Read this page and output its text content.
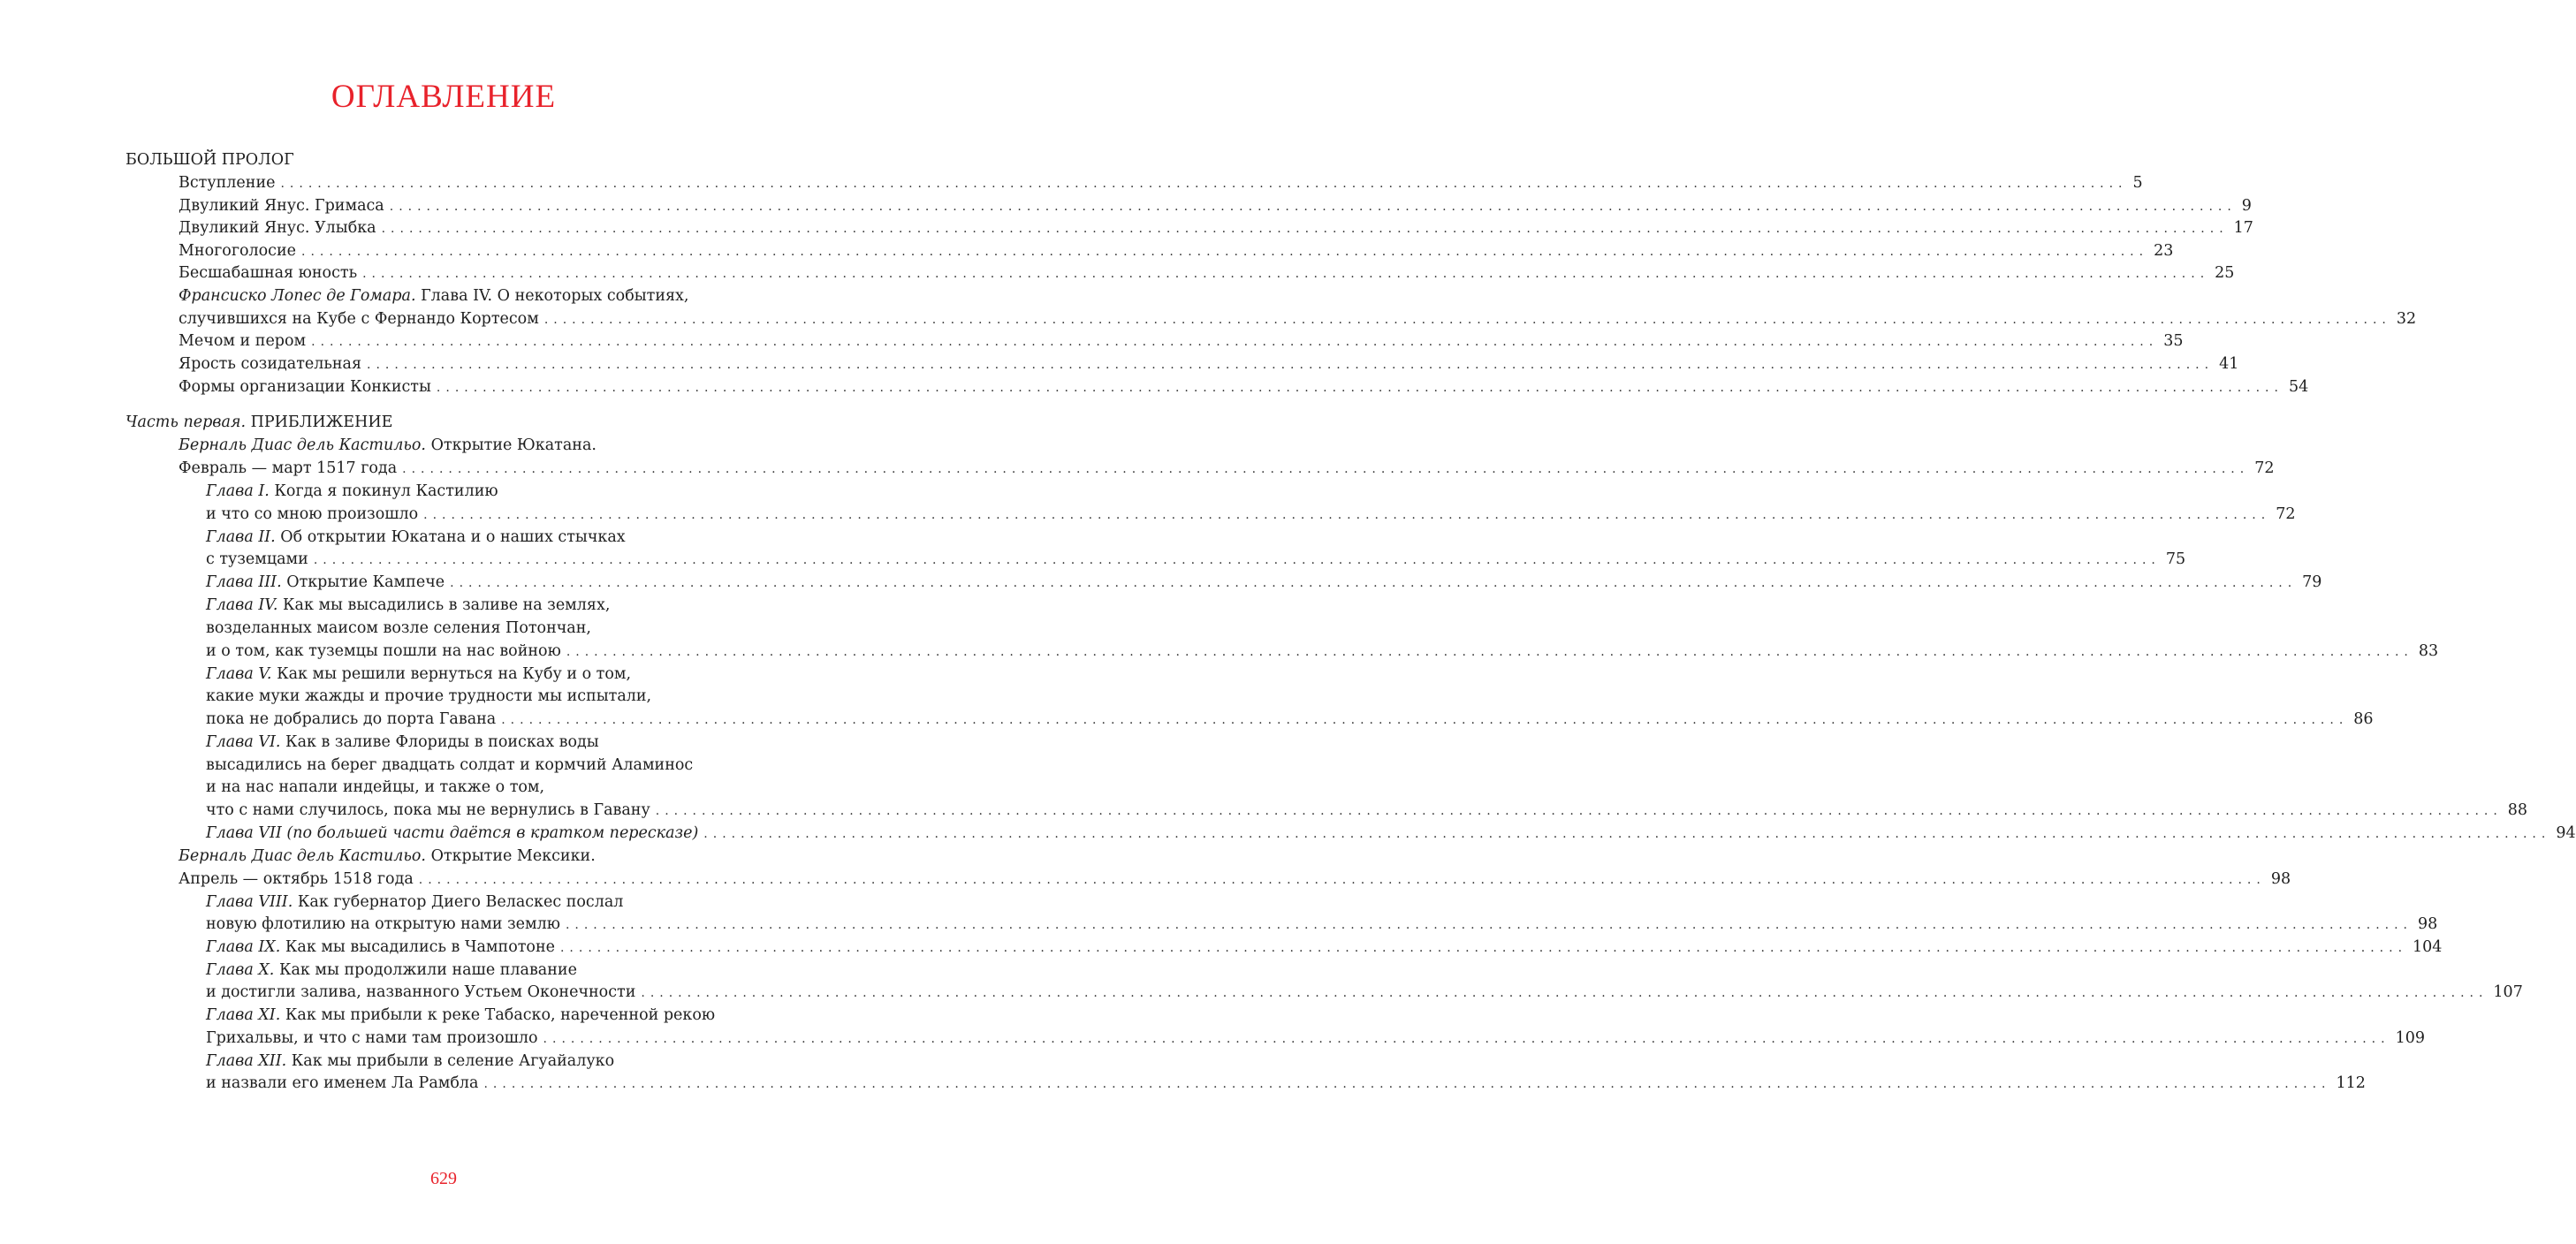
ОГЛАВЛЕНИЕ
БОЛЬШОЙ ПРОЛОГ
Вступление ........................................................................................................................................................................................................ 5
Двуликий Янус. Гримаса ........................................................................................................................................................................................................ 9
Двуликий Янус. Улыбка ........................................................................................................................................................................................................ 17
Многоголосие ........................................................................................................................................................................................................ 23
Бесшабашная юность ........................................................................................................................................................................................................ 25
Франсиско Лопес де Гомара. Глава IV. О некоторых событиях,
случившихся на Кубе с Фернандо Кортесом ........................................................................................................................................................................................................ 32
Мечом и пером ........................................................................................................................................................................................................ 35
Ярость созидательная ........................................................................................................................................................................................................ 41
Формы организации Конкисты ........................................................................................................................................................................................................ 54
Часть первая. ПРИБЛИЖЕНИЕ
Берналь Диас дель Кастильо. Открытие Юкатана.
Февраль — март 1517 года ........................................................................................................................................................................................................ 72
Глава I. Когда я покинул Кастилию
и что со мною произошло ........................................................................................................................................................................................................ 72
Глава II. Об открытии Юкатана и о наших стычках
с туземцами ........................................................................................................................................................................................................ 75
Глава III. Открытие Кампече ........................................................................................................................................................................................................ 79
Глава IV. Как мы высадились в заливе на землях,
возделанных маисом возле селения Потончан,
и о том, как туземцы пошли на нас войною ........................................................................................................................................................................................................ 83
Глава V. Как мы решили вернуться на Кубу и о том,
какие муки жажды и прочие трудности мы испытали,
пока не добрались до порта Гавана ........................................................................................................................................................................................................ 86
Глава VI. Как в заливе Флориды в поисках воды
высадились на берег двадцать солдат и кормчий Аламинос
и на нас напали индейцы, и также о том,
что с нами случилось, пока мы не вернулись в Гавану ........................................................................................................................................................................................................ 88
Глава VII (по большей части даётся в кратком пересказе) ........................................................................................................................................................................................................ 94
Берналь Диас дель Кастильо. Открытие Мексики.
Апрель — октябрь 1518 года ........................................................................................................................................................................................................ 98
Глава VIII. Как губернатор Диего Веласкес послал
новую флотилию на открытую нами землю ........................................................................................................................................................................................................ 98
Глава IX. Как мы высадились в Чампотоне ........................................................................................................................................................................................................ 104
Глава X. Как мы продолжили наше плавание
и достигли залива, названного Устьем Оконечности ........................................................................................................................................................................................................ 107
Глава XI. Как мы прибыли к реке Табаско, нареченной рекою
Грихальвы, и что с нами там произошло ........................................................................................................................................................................................................ 109
Глава XII. Как мы прибыли в селение Агуайалуко
и назвали его именем Ла Рамбла ........................................................................................................................................................................................................ 112
629
